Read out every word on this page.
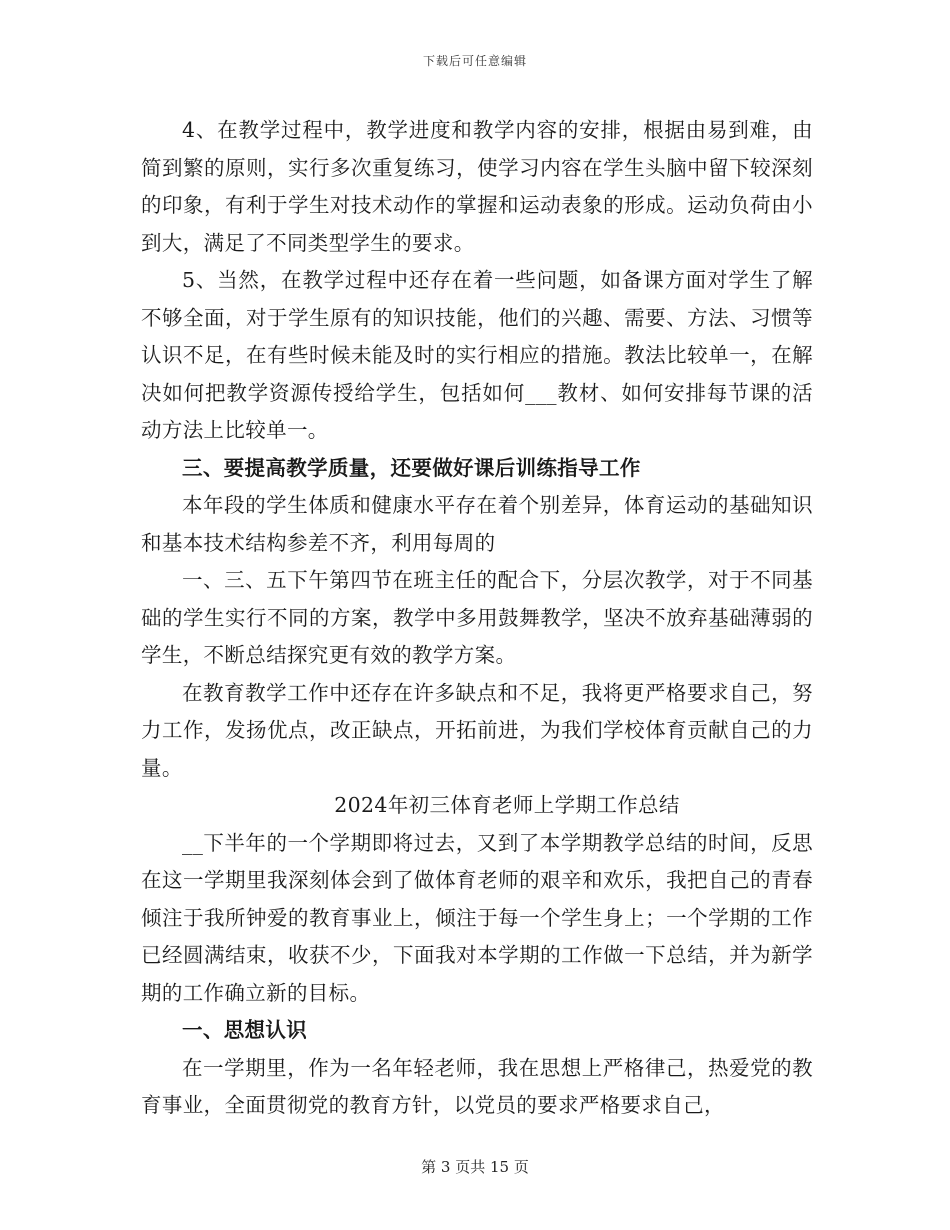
下载后可任意编辑

4、在教学过程中，教学进度和教学内容的安排，根据由易到难，由简到繁的原则，实行多次重复练习，使学习内容在学生头脑中留下较深刻的印象，有利于学生对技术动作的掌握和运动表象的形成。运动负荷由小到大，满足了不同类型学生的要求。

5、当然，在教学过程中还存在着一些问题，如备课方面对学生了解不够全面，对于学生原有的知识技能，他们的兴趣、需要、方法、习惯等认识不足，在有些时候未能及时的实行相应的措施。教法比较单一，在解决如何把教学资源传授给学生，包括如何___教材、如何安排每节课的活动方法上比较单一。

三、要提高教学质量，还要做好课后训练指导工作

本年段的学生体质和健康水平存在着个别差异，体育运动的基础知识和基本技术结构参差不齐，利用每周的

一、三、五下午第四节在班主任的配合下，分层次教学，对于不同基础的学生实行不同的方案，教学中多用鼓舞教学，坚决不放弃基础薄弱的学生，不断总结探究更有效的教学方案。

在教育教学工作中还存在许多缺点和不足，我将更严格要求自己，努力工作，发扬优点，改正缺点，开拓前进，为我们学校体育贡献自己的力量。

2024年初三体育老师上学期工作总结

__下半年的一个学期即将过去，又到了本学期教学总结的时间，反思在这一学期里我深刻体会到了做体育老师的艰辛和欢乐，我把自己的青春倾注于我所钟爱的教育事业上，倾注于每一个学生身上；一个学期的工作已经圆满结束，收获不少，下面我对本学期的工作做一下总结，并为新学期的工作确立新的目标。

一、思想认识

在一学期里，作为一名年轻老师，我在思想上严格律己，热爱党的教育事业，全面贯彻党的教育方针，以党员的要求严格要求自己，

第 3 页共 15 页
